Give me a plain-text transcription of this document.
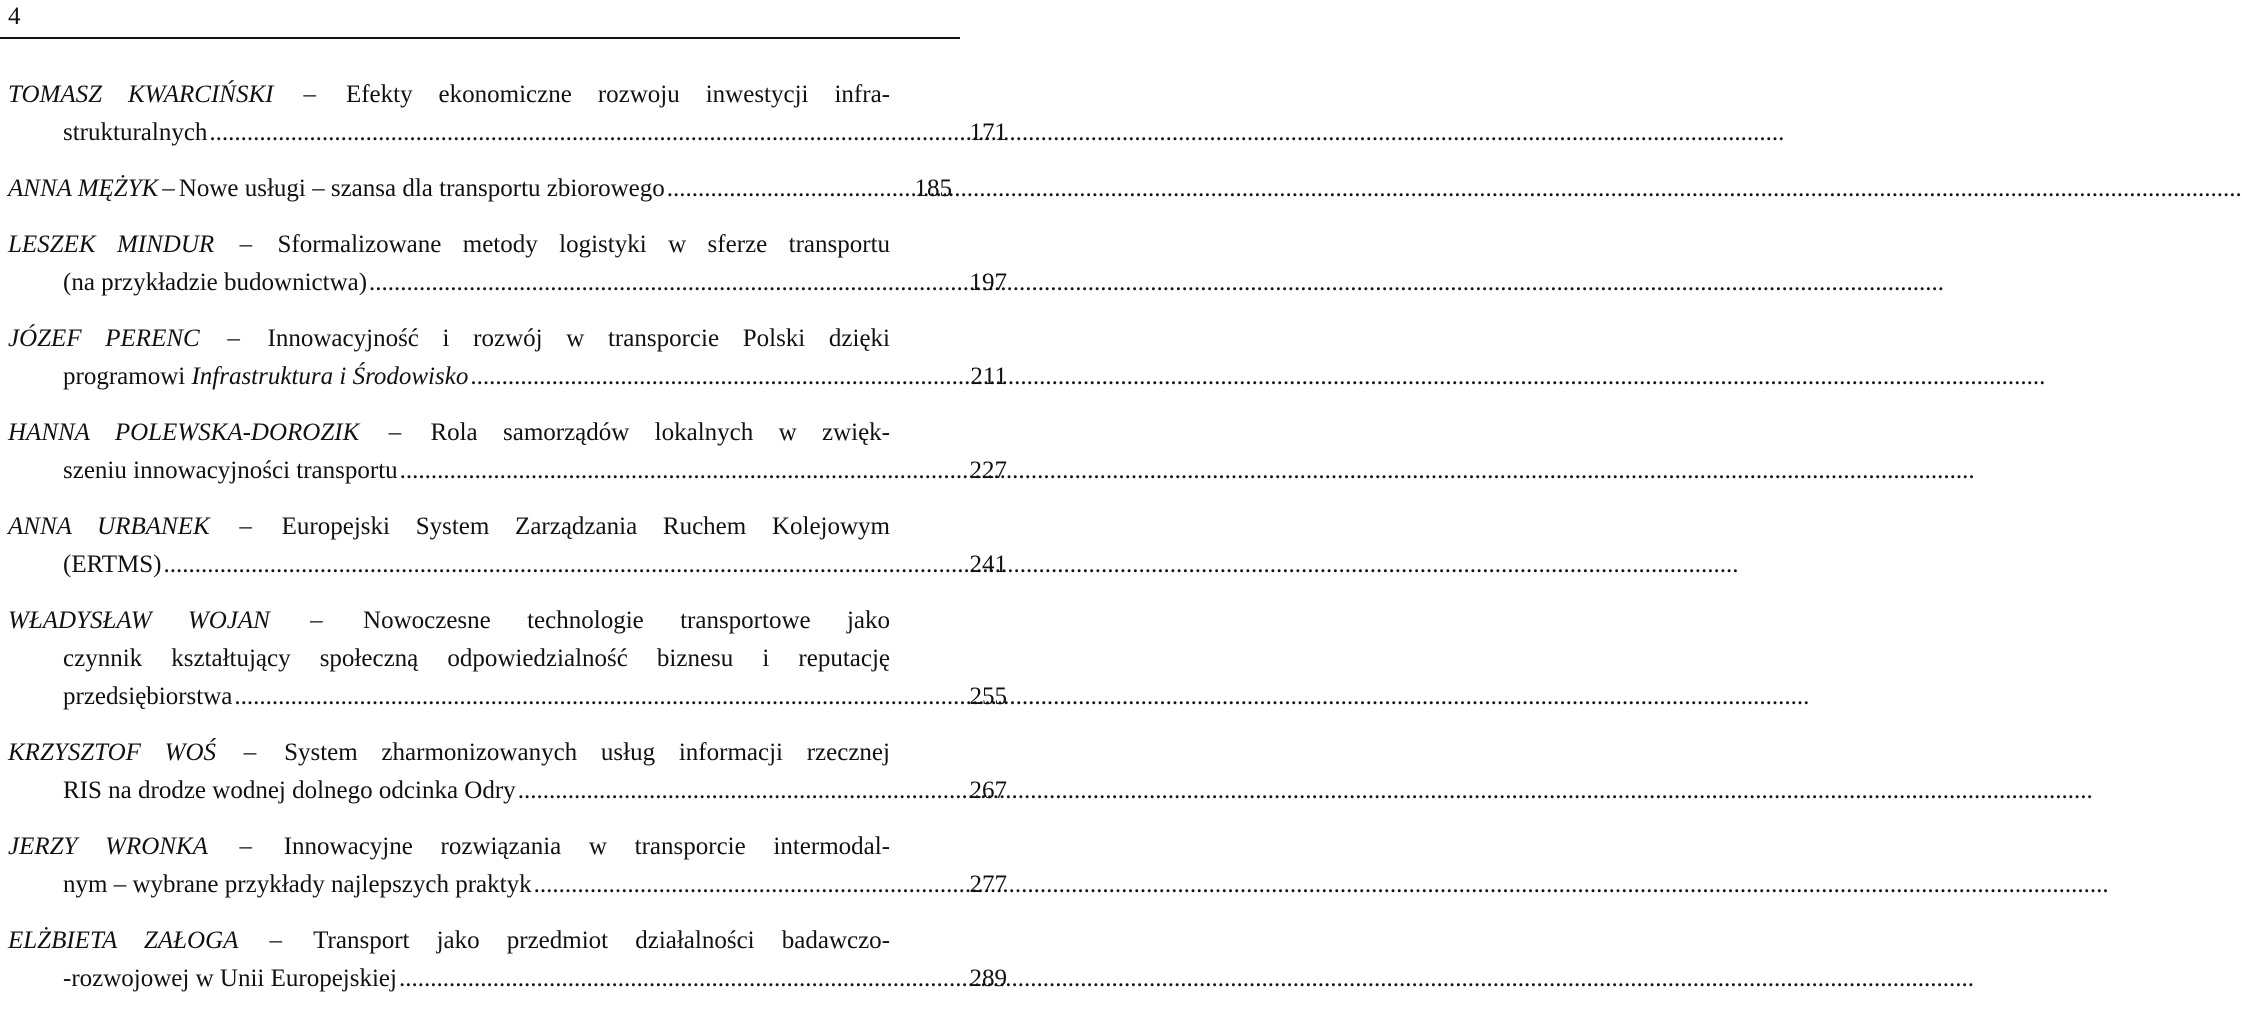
4
TOMASZ KWARCIŃSKI – Efekty ekonomiczne rozwoju inwestycji infra-
strukturalnych .....	171
ANNA MĘŻYK – Nowe usługi – szansa dla transportu zbiorowego .....	185
LESZEK MINDUR – Sformalizowane metody logistyki w sferze transportu
(na przykładzie budownictwa) .....	197
JÓZEF PERENC – Innowacyjność i rozwój w transporcie Polski dzięki
programowi Infrastruktura i Środowisko .....	211
HANNA POLEWSKA-DOROZIK – Rola samorządów lokalnych w zwięk-
szeniu innowacyjności transportu .....	227
ANNA URBANEK – Europejski System Zarządzania Ruchem Kolejowym
(ERTMS) .....	241
WŁADYSŁAW WOJAN – Nowoczesne technologie transportowe jako
czynnik kształtujący społeczną odpowiedzialność biznesu i reputację
przedsiębiorstwa .....	255
KRZYSZTOF WOŚ – System zharmonizowanych usług informacji rzecznej
RIS na drodze wodnej dolnego odcinka Odry .....	267
JERZY WRONKA – Innowacyjne rozwiązania w transporcie intermodal-
nym – wybrane przykłady najlepszych praktyk .....	277
ELŻBIETA ZAŁOGA – Transport jako przedmiot działalności badawczo-
-rozwojowej w Unii Europejskiej .....	289
